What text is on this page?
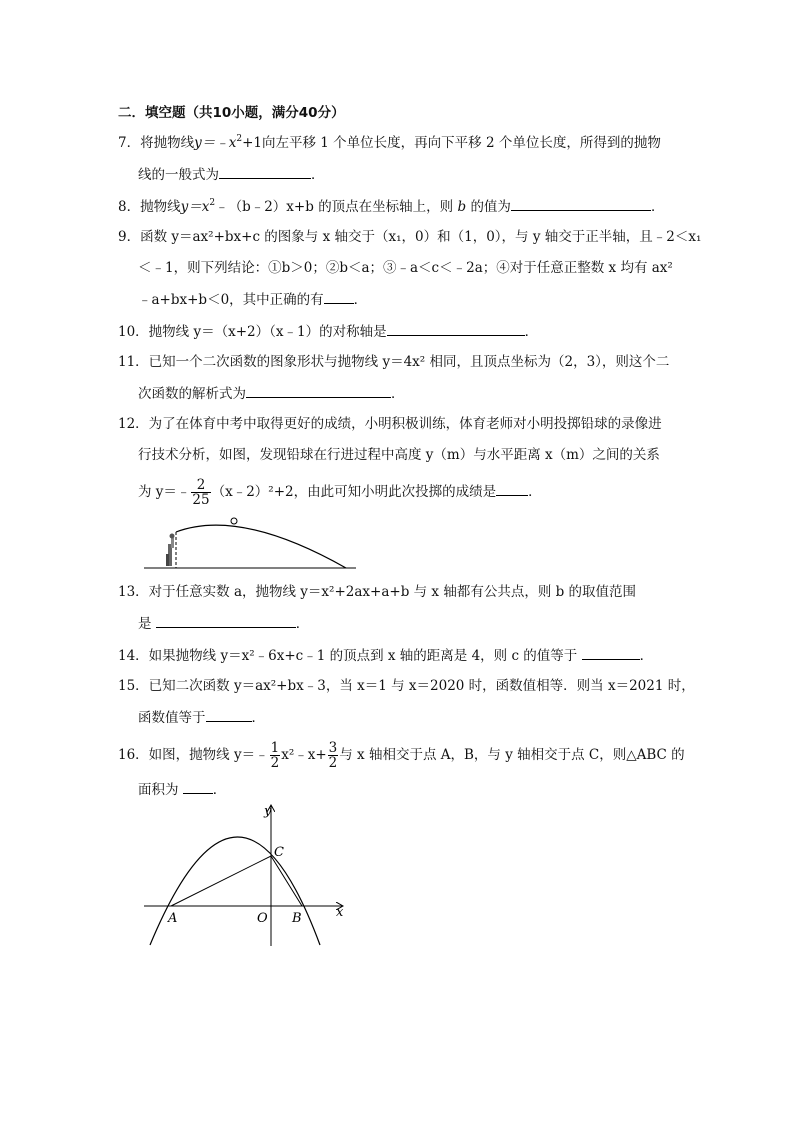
二．填空题（共10小题，满分40分）
7．将抛物线$y=﹣x^2+1$向左平移 1 个单位长度，再向下平移 2 个单位长度，所得到的抛物
线的一般式为	．
8．抛物线$y=x^2﹣(b﹣2)x+b$ 的顶点在坐标轴上，则 b 的值为	．
9．函数 y＝ax²+bx+c 的图象与 x 轴交于（x₁，0）和（1，0），与 y 轴交于正半轴，且﹣2＜x₁
＜﹣1，则下列结论：①b＞0；②b＜a；③﹣a＜c＜﹣2a；④对于任意正整数 x 均有 ax²
﹣a+bx+b＜0，其中正确的有 ．
10．抛物线 y＝（x+2）（x﹣1）的对称轴是	．
11．已知一个二次函数的图象形状与抛物线 y＝4x² 相同，且顶点坐标为（2，3），则这个二
次函数的解析式为	．
12．为了在体育中考中取得更好的成绩，小明积极训练，体育老师对小明投掷铅球的录像进
行技术分析，如图，发现铅球在行进过程中高度 y（m）与水平距离 x（m）之间的关系
为 y＝﹣ $\frac{2}{25}$ （x﹣2）²+2，由此可知小明此次投掷的成绩是 ．
13．对于任意实数 a，抛物线 y＝x²+2ax+a+b 与 x 轴都有公共点，则 b 的取值范围
是	．
14．如果抛物线 y＝x²﹣6x+c﹣1 的顶点到 x 轴的距离是 4，则 c 的值等于	．
15．已知二次函数 y＝ax²+bx﹣3，当 x＝1 与 x＝2020 时，函数值相等．则当 x＝2021 时，
函数值等于	．
16．如图，抛物线 y＝﹣ $\frac{1}{2}$ x²﹣x+ $\frac{3}{2}$ 与 x 轴相交于点 A，B，与 y 轴相交于点 C，则△ABC 的
面积为	．
y
x
C
A	O B
